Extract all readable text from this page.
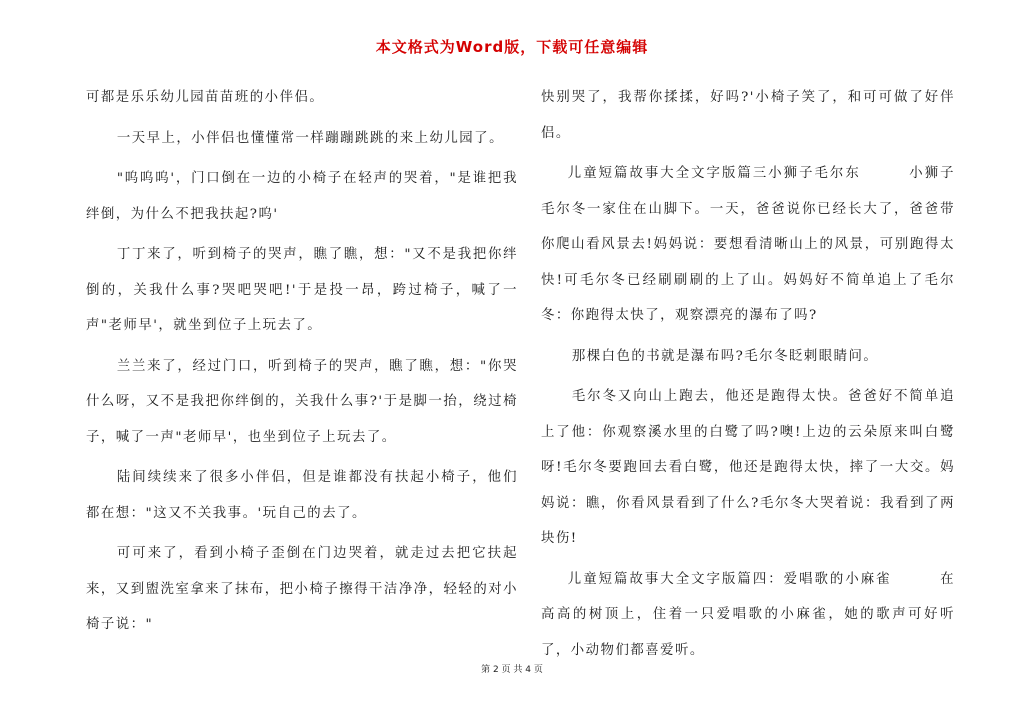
本文格式为Word版，下载可任意编辑

可都是乐乐幼儿园苗苗班的小伴侣。

一天早上，小伴侣也懂懂常一样蹦蹦跳跳的来上幼儿园了。

"呜呜呜'，门口倒在一边的小椅子在轻声的哭着，"是谁把我绊倒，为什么不把我扶起?呜'

丁丁来了，听到椅子的哭声，瞧了瞧，想："又不是我把你绊倒的，关我什么事?哭吧哭吧!'于是投一昂，跨过椅子，喊了一声"老师早'，就坐到位子上玩去了。

兰兰来了，经过门口，听到椅子的哭声，瞧了瞧，想："你哭什么呀，又不是我把你绊倒的，关我什么事?'于是脚一抬，绕过椅子，喊了一声"老师早'，也坐到位子上玩去了。

陆间续续来了很多小伴侣，但是谁都没有扶起小椅子，他们都在想："这又不关我事。'玩自己的去了。

可可来了，看到小椅子歪倒在门边哭着，就走过去把它扶起来，又到盥洗室拿来了抹布，把小椅子擦得干洁净净，轻轻的对小椅子说："

快别哭了，我帮你揉揉，好吗?'小椅子笑了，和可可做了好伴侣。

儿童短篇故事大全文字版篇三小狮子毛尔东	小狮子毛尔冬一家住在山脚下。一天，爸爸说你已经长大了，爸爸带你爬山看风景去!妈妈说：要想看清晰山上的风景，可别跑得太快!可毛尔冬已经刷刷刷的上了山。妈妈好不简单追上了毛尔冬：你跑得太快了，观察漂亮的瀑布了吗?

那棵白色的书就是瀑布吗?毛尔冬眨剌眼睛问。

毛尔冬又向山上跑去，他还是跑得太快。爸爸好不简单追上了他：你观察溪水里的白鹭了吗?噢!上边的云朵原来叫白鹭呀!毛尔冬要跑回去看白鹭，他还是跑得太快，摔了一大交。妈妈说：瞧，你看风景看到了什么?毛尔冬大哭着说：我看到了两块伤!

儿童短篇故事大全文字版篇四：爱唱歌的小麻雀	在高高的树顶上，住着一只爱唱歌的小麻雀，她的歌声可好听了，小动物们都喜爱听。

第 2 页 共 4 页
